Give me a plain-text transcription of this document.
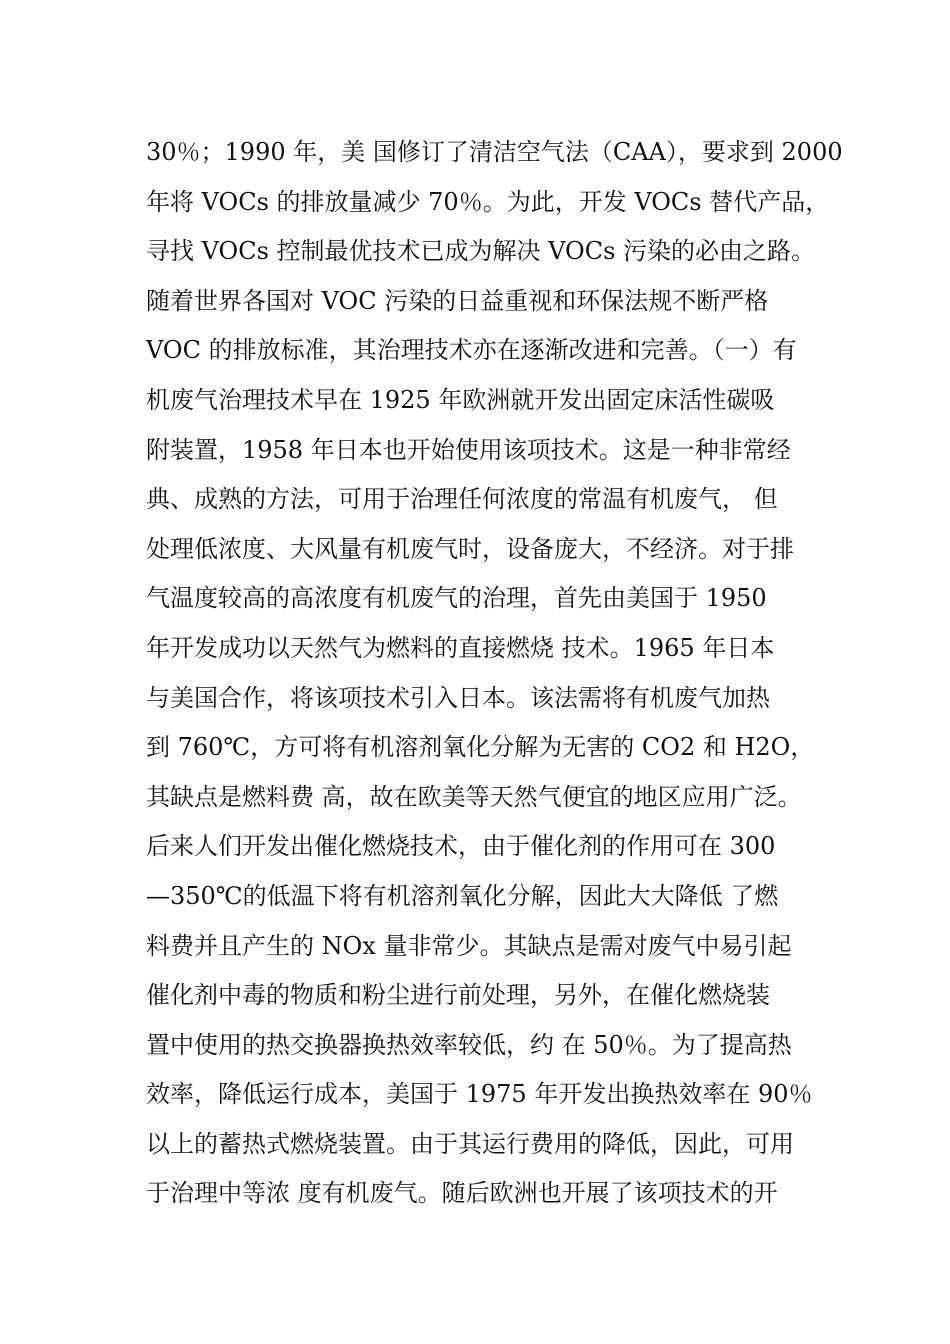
30％；1990 年，美 国修订了清洁空气法（CAA），要求到 2000
年将 VOCs 的排放量减少 70％。为此，开发 VOCs 替代产品，
寻找 VOCs 控制最优技术已成为解决 VOCs 污染的必由之路。
随着世界各国对 VOC 污染的日益重视和环保法规不断严格
VOC 的排放标准，其治理技术亦在逐渐改进和完善。（一）有
机废气治理技术早在 1925 年欧洲就开发出固定床活性碳吸
附装置，1958 年日本也开始使用该项技术。这是一种非常经
典、成熟的方法，可用于治理任何浓度的常温有机废气， 但
处理低浓度、大风量有机废气时，设备庞大，不经济。对于排
气温度较高的高浓度有机废气的治理，首先由美国于 1950
年开发成功以天然气为燃料的直接燃烧 技术。1965 年日本
与美国合作，将该项技术引入日本。该法需将有机废气加热
到 760℃，方可将有机溶剂氧化分解为无害的 CO2 和 H2O，
其缺点是燃料费 高，故在欧美等天然气便宜的地区应用广泛。
后来人们开发出催化燃烧技术，由于催化剂的作用可在 300
—350℃的低温下将有机溶剂氧化分解，因此大大降低 了燃
料费并且产生的 NOx 量非常少。其缺点是需对废气中易引起
催化剂中毒的物质和粉尘进行前处理，另外，在催化燃烧装
置中使用的热交换器换热效率较低，约 在 50％。为了提高热
效率，降低运行成本，美国于 1975 年开发出换热效率在 90％
以上的蓄热式燃烧装置。由于其运行费用的降低，因此，可用
于治理中等浓 度有机废气。随后欧洲也开展了该项技术的开
